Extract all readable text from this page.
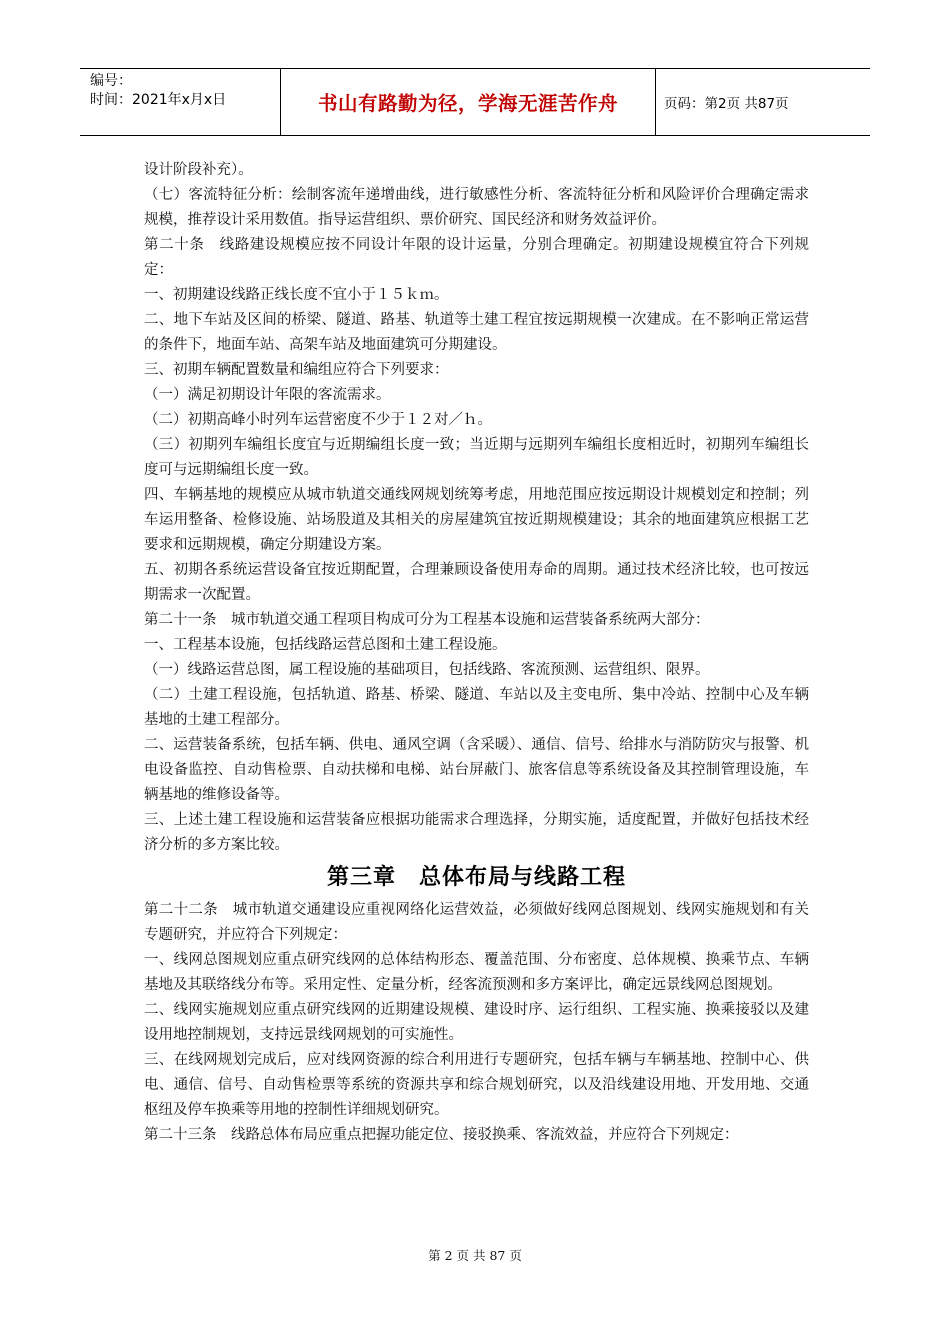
编号：
时间：2021年x月x日	书山有路勤为径，学海无涯苦作舟	页码：第2页 共87页

设计阶段补充）。

（七）客流特征分析：绘制客流年递增曲线，进行敏感性分析、客流特征分析和风险评价合理确定需求规模，推荐设计采用数值。指导运营组织、票价研究、国民经济和财务效益评价。

第二十条　线路建设规模应按不同设计年限的设计运量，分别合理确定。初期建设规模宜符合下列规定：

一、初期建设线路正线长度不宜小于１５ｋｍ。

二、地下车站及区间的桥梁、隧道、路基、轨道等土建工程宜按远期规模一次建成。在不影响正常运营的条件下，地面车站、高架车站及地面建筑可分期建设。

三、初期车辆配置数量和编组应符合下列要求：

（一）满足初期设计年限的客流需求。

（二）初期高峰小时列车运营密度不少于１２对／ｈ。

（三）初期列车编组长度宜与近期编组长度一致；当近期与远期列车编组长度相近时，初期列车编组长度可与远期编组长度一致。

四、车辆基地的规模应从城市轨道交通线网规划统筹考虑，用地范围应按远期设计规模划定和控制；列车运用整备、检修设施、站场股道及其相关的房屋建筑宜按近期规模建设；其余的地面建筑应根据工艺要求和远期规模，确定分期建设方案。

五、初期各系统运营设备宜按近期配置，合理兼顾设备使用寿命的周期。通过技术经济比较，也可按远期需求一次配置。

第二十一条　城市轨道交通工程项目构成可分为工程基本设施和运营装备系统两大部分：

一、工程基本设施，包括线路运营总图和土建工程设施。

（一）线路运营总图，属工程设施的基础项目，包括线路、客流预测、运营组织、限界。

（二）土建工程设施，包括轨道、路基、桥梁、隧道、车站以及主变电所、集中冷站、控制中心及车辆基地的土建工程部分。

二、运营装备系统，包括车辆、供电、通风空调（含采暖）、通信、信号、给排水与消防防灾与报警、机电设备监控、自动售检票、自动扶梯和电梯、站台屏蔽门、旅客信息等系统设备及其控制管理设施，车辆基地的维修设备等。

三、上述土建工程设施和运营装备应根据功能需求合理选择，分期实施，适度配置，并做好包括技术经济分析的多方案比较。

第三章　总体布局与线路工程

第二十二条　城市轨道交通建设应重视网络化运营效益，必须做好线网总图规划、线网实施规划和有关专题研究，并应符合下列规定：

一、线网总图规划应重点研究线网的总体结构形态、覆盖范围、分布密度、总体规模、换乘节点、车辆基地及其联络线分布等。采用定性、定量分析，经客流预测和多方案评比，确定远景线网总图规划。

二、线网实施规划应重点研究线网的近期建设规模、建设时序、运行组织、工程实施、换乘接驳以及建设用地控制规划，支持远景线网规划的可实施性。

三、在线网规划完成后，应对线网资源的综合利用进行专题研究，包括车辆与车辆基地、控制中心、供电、通信、信号、自动售检票等系统的资源共享和综合规划研究，以及沿线建设用地、开发用地、交通枢纽及停车换乘等用地的控制性详细规划研究。

第二十三条　线路总体布局应重点把握功能定位、接驳换乘、客流效益，并应符合下列规定：

第 2 页 共 87 页
